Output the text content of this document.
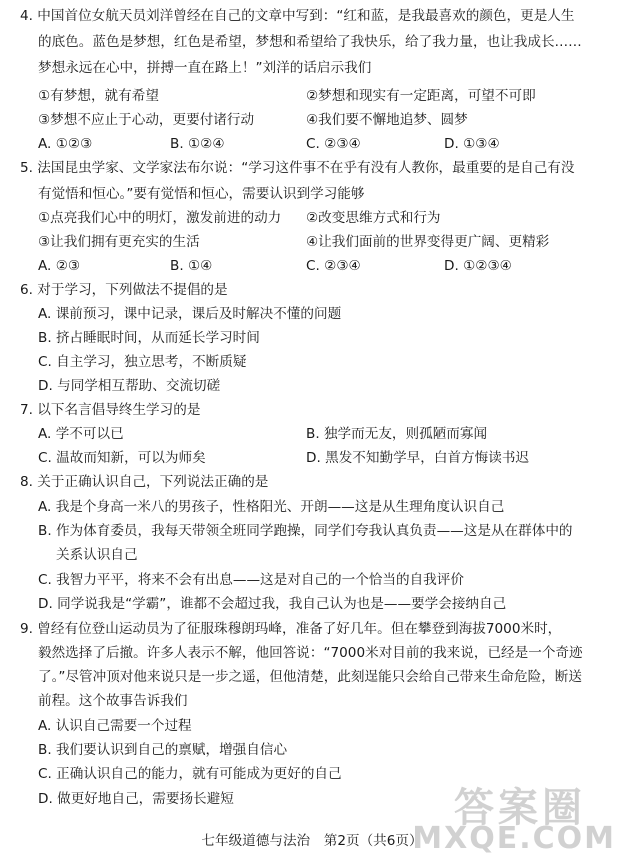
4. 中国首位女航天员刘洋曾经在自己的文章中写到：“红和蓝，是我最喜欢的颜色，更是人生
的底色。蓝色是梦想，红色是希望，梦想和希望给了我快乐，给了我力量，也让我成长……
梦想永远在心中，拼搏一直在路上！”刘洋的话启示我们
①有梦想，就有希望	②梦想和现实有一定距离，可望不可即
③梦想不应止于心动，更要付诸行动	④我们要不懈地追梦、圆梦
A. ①②③	B. ①②④	C. ②③④	D. ①③④
5. 法国昆虫学家、文学家法布尔说：“学习这件事不在乎有没有人教你，最重要的是自己有没
有觉悟和恒心。”要有觉悟和恒心，需要认识到学习能够
①点亮我们心中的明灯，激发前进的动力 ②改变思维方式和行为
③让我们拥有更充实的生活	④让我们面前的世界变得更广阔、更精彩
A. ②③	B. ①④	C. ②③④	D. ①②③④
6. 对于学习，下列做法不提倡的是
A. 课前预习，课中记录，课后及时解决不懂的问题
B. 挤占睡眠时间，从而延长学习时间
C. 自主学习，独立思考，不断质疑
D. 与同学相互帮助、交流切磋
7. 以下名言倡导终生学习的是
A. 学不可以已	B. 独学而无友，则孤陋而寡闻
C. 温故而知新，可以为师矣	D. 黑发不知勤学早，白首方悔读书迟
8. 关于正确认识自己，下列说法正确的是
A. 我是个身高一米八的男孩子，性格阳光、开朗——这是从生理角度认识自己
B. 作为体育委员，我每天带领全班同学跑操，同学们夸我认真负责——这是从在群体中的
关系认识自己
C. 我智力平平，将来不会有出息——这是对自己的一个恰当的自我评价
D. 同学说我是“学霸”，谁都不会超过我，我自己认为也是——要学会接纳自己
9. 曾经有位登山运动员为了征服珠穆朗玛峰，准备了好几年。但在攀登到海拔7000米时，
毅然选择了后撤。许多人表示不解，他回答说：“7000米对目前的我来说，已经是一个奇迹
了。”尽管冲顶对他来说只是一步之遥，但他清楚，此刻逞能只会给自己带来生命危险，断送
前程。这个故事告诉我们
A. 认识自己需要一个过程
B. 我们要认识到自己的禀赋，增强自信心
C. 正确认识自己的能力，就有可能成为更好的自己
D. 做更好地自己，需要扬长避短
七年级道德与法治　第2页（共6页）
答案圈
MXQE.COM
